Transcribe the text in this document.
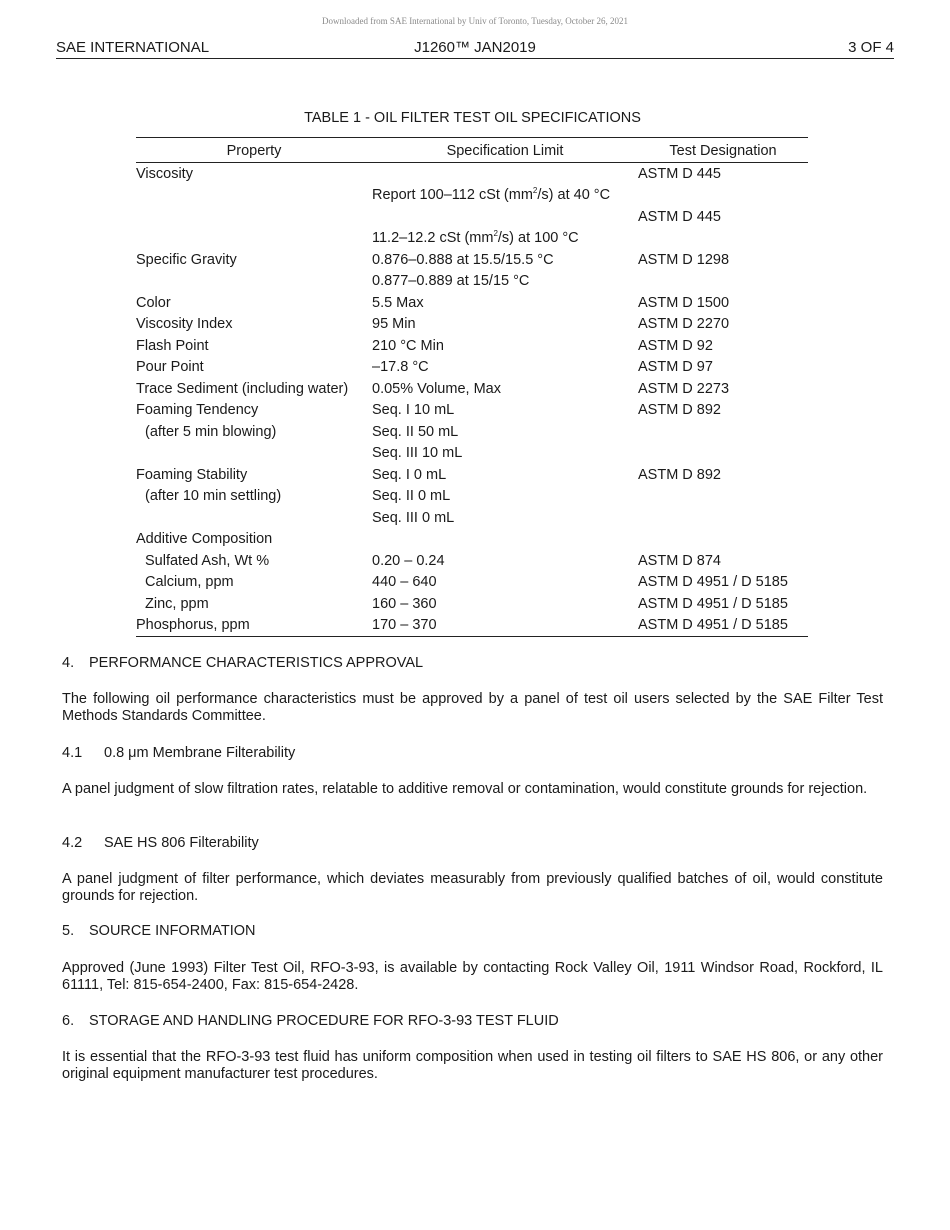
Downloaded from SAE International by Univ of Toronto, Tuesday, October 26, 2021
SAE INTERNATIONAL	J1260™ JAN2019	3 OF 4
TABLE 1 - OIL FILTER TEST OIL SPECIFICATIONS
Property	Specification Limit	Test Designation
Viscosity		ASTM D 445
	Report 100–112 cSt $(mm^2/s)$ at 40 °C	
		ASTM D 445
	11.2–12.2 cSt $(mm^2/s)$ at 100 °C	
Specific Gravity	0.876–0.888 at 15.5/15.5 °C	ASTM D 1298
	0.877–0.889 at 15/15 °C	
Color	5.5 Max	ASTM D 1500
Viscosity Index	95 Min	ASTM D 2270
Flash Point	210 °C Min	ASTM D 92
Pour Point	–17.8 °C	ASTM D 97
Trace Sediment (including water)	0.05% Volume, Max	ASTM D 2273
Foaming Tendency	Seq. I 10 mL	ASTM D 892
(after 5 min blowing)	Seq. II 50 mL	
	Seq. III 10 mL	
Foaming Stability	Seq. I 0 mL	ASTM D 892
(after 10 min settling)	Seq. II 0 mL	
	Seq. III 0 mL	
Additive Composition		
Sulfated Ash, Wt %	0.20 – 0.24	ASTM D 874
Calcium, ppm	440 – 640	ASTM D 4951 / D 5185
Zinc, ppm	160 – 360	ASTM D 4951 / D 5185
Phosphorus, ppm	170 – 370	ASTM D 4951 / D 5185
4. PERFORMANCE CHARACTERISTICS APPROVAL
The following oil performance characteristics must be approved by a panel of test oil users selected by the SAE Filter Test Methods Standards Committee.
4.1 0.8 μm Membrane Filterability
A panel judgment of slow filtration rates, relatable to additive removal or contamination, would constitute grounds for rejection.
4.2 SAE HS 806 Filterability
A panel judgment of filter performance, which deviates measurably from previously qualified batches of oil, would constitute grounds for rejection.
5. SOURCE INFORMATION
Approved (June 1993) Filter Test Oil, RFO-3-93, is available by contacting Rock Valley Oil, 1911 Windsor Road, Rockford, IL 61111, Tel: 815-654-2400, Fax: 815-654-2428.
6. STORAGE AND HANDLING PROCEDURE FOR RFO-3-93 TEST FLUID
It is essential that the RFO-3-93 test fluid has uniform composition when used in testing oil filters to SAE HS 806, or any other original equipment manufacturer test procedures.
